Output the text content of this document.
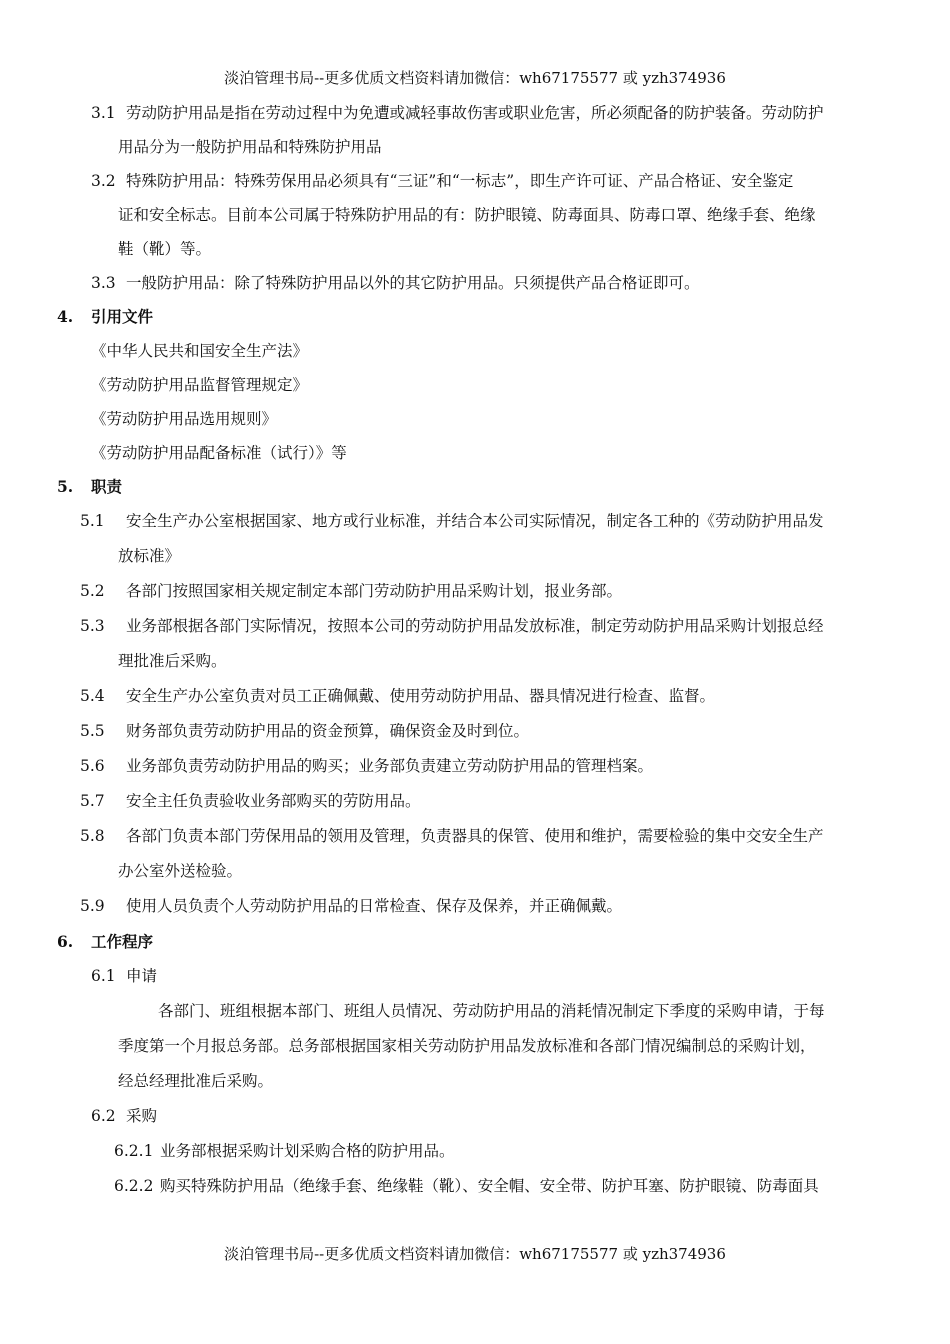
淡泊管理书局--更多优质文档资料请加微信：wh67175577 或 yzh374936
3.1 劳动防护用品是指在劳动过程中为免遭或减轻事故伤害或职业危害，所必须配备的防护装备。劳动防护
用品分为一般防护用品和特殊防护用品
3.2 特殊防护用品：特殊劳保用品必须具有“三证”和“一标志”，即生产许可证、产品合格证、安全鉴定
证和安全标志。目前本公司属于特殊防护用品的有：防护眼镜、防毒面具、防毒口罩、绝缘手套、绝缘
鞋（靴）等。
3.3 一般防护用品：除了特殊防护用品以外的其它防护用品。只须提供产品合格证即可。
4. 引用文件
《中华人民共和国安全生产法》
《劳动防护用品监督管理规定》
《劳动防护用品选用规则》
《劳动防护用品配备标准（试行）》等
5. 职责
5.1 安全生产办公室根据国家、地方或行业标准，并结合本公司实际情况，制定各工种的《劳动防护用品发
放标准》
5.2 各部门按照国家相关规定制定本部门劳动防护用品采购计划，报业务部。
5.3 业务部根据各部门实际情况，按照本公司的劳动防护用品发放标准，制定劳动防护用品采购计划报总经
理批准后采购。
5.4 安全生产办公室负责对员工正确佩戴、使用劳动防护用品、器具情况进行检查、监督。
5.5 财务部负责劳动防护用品的资金预算，确保资金及时到位。
5.6 业务部负责劳动防护用品的购买；业务部负责建立劳动防护用品的管理档案。
5.7 安全主任负责验收业务部购买的劳防用品。
5.8 各部门负责本部门劳保用品的领用及管理，负责器具的保管、使用和维护，需要检验的集中交安全生产
办公室外送检验。
5.9 使用人员负责个人劳动防护用品的日常检查、保存及保养，并正确佩戴。
6. 工作程序
6.1 申请
各部门、班组根据本部门、班组人员情况、劳动防护用品的消耗情况制定下季度的采购申请，于每
季度第一个月报总务部。总务部根据国家相关劳动防护用品发放标准和各部门情况编制总的采购计划，
经总经理批准后采购。
6.2 采购
6.2.1 业务部根据采购计划采购合格的防护用品。
6.2.2 购买特殊防护用品（绝缘手套、绝缘鞋（靴）、安全帽、安全带、防护耳塞、防护眼镜、防毒面具
淡泊管理书局--更多优质文档资料请加微信：wh67175577 或 yzh374936
